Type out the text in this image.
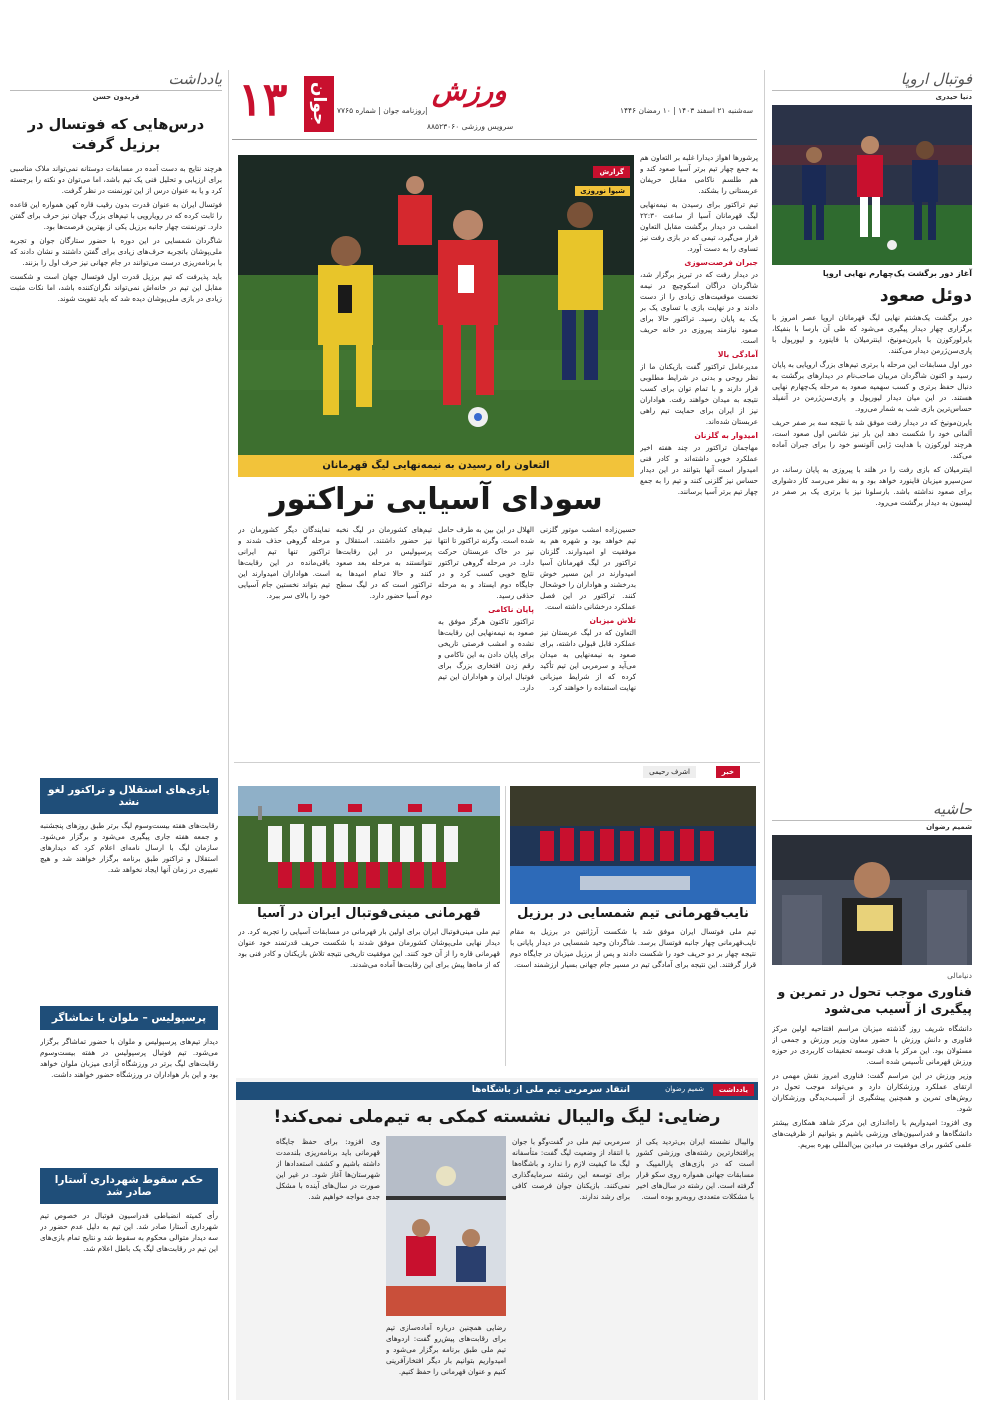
۱۳ جوان	|روزنامه جوان | شماره ۷۷۶۵
ورزش
سرویس ورزشی ۸۸۵۲۳۰۶۰
سه‌شنبه ۲۱ اسفند ۱۴۰۳ | ۱۰ رمضان ۱۴۴۶
فوتبال اروپا
دنیا حیدری
آغاز دور برگشت یک‌چهارم نهایی اروپا
دوئل صعود

دور برگشت یک‌هشتم نهایی لیگ قهرمانان اروپا عصر امروز با برگزاری چهار دیدار پیگیری می‌شود که طی آن بارسا با بنفیکا، بایرلورکوزن با بایرن‌مونیخ، اینترمیلان با فاینورد و لیورپول با پاری‌سن‌ژرمن دیدار می‌کنند.

دور اول مسابقات این مرحله با برتری تیم‌های بزرگ اروپایی به پایان رسید و اکنون شاگردان مربیان صاحب‌نام در دیدارهای برگشت به دنبال حفظ برتری و کسب سهمیه صعود به مرحله یک‌چهارم نهایی هستند. در این میان دیدار لیورپول و پاری‌سن‌ژرمن در آنفیلد حساس‌ترین بازی شب به شمار می‌رود.

بایرن‌مونیخ که در دیدار رفت موفق شد با نتیجه سه بر صفر حریف آلمانی خود را شکست دهد این بار نیز شانس اول صعود است، هرچند لورکوزن با هدایت ژابی آلونسو خود را برای جبران آماده می‌کند.

اینترمیلان که بازی رفت را در هلند با پیروزی به پایان رساند، در سن‌سیرو میزبان فاینورد خواهد بود و به نظر می‌رسد کار دشواری برای صعود نداشته باشد. بارسلونا نیز با برتری یک بر صفر در لیسبون به دیدار برگشت می‌رود.

حاشیه
شمیم رضوان
دنیامالی
فناوری موجب تحول در تمرین و پیگیری از آسیب می‌شود

دانشگاه شریف روز گذشته میزبان مراسم افتتاحیه اولین مرکز فناوری و دانش ورزش با حضور معاون وزیر ورزش و جمعی از مسئولان بود. این مرکز با هدف توسعه تحقیقات کاربردی در حوزه ورزش قهرمانی تأسیس شده است.

وزیر ورزش در این مراسم گفت: فناوری امروز نقش مهمی در ارتقای عملکرد ورزشکاران دارد و می‌تواند موجب تحول در روش‌های تمرین و همچنین پیشگیری از آسیب‌دیدگی ورزشکاران شود.

وی افزود: امیدواریم با راه‌اندازی این مرکز شاهد همکاری بیشتر دانشگاه‌ها و فدراسیون‌های ورزشی باشیم و بتوانیم از ظرفیت‌های علمی کشور برای موفقیت در میادین بین‌المللی بهره ببریم.

پرشورها اهواز دیدارا غلبه بر التعاون هم به جمع چهار تیم برتر آسیا صعود کند و هم طلسم ناکامی مقابل حریفان عربستانی را بشکند.

تیم تراکتور برای رسیدن به نیمه‌نهایی لیگ قهرمانان آسیا از ساعت ۲۲:۳۰ امشب در دیدار برگشت مقابل التعاون قرار می‌گیرد، تیمی که در بازی رفت نیز تساوی را به دست آورد.

جبران فرصت‌سوزی

در دیدار رفت که در تبریز برگزار شد، شاگردان دراگان اسکوچیچ در نیمه نخست موقعیت‌های زیادی را از دست دادند و در نهایت بازی با تساوی یک بر یک به پایان رسید. تراکتور حالا برای صعود نیازمند پیروزی در خانه حریف است.

آمادگی بالا

مدیرعامل تراکتور گفت بازیکنان ما از نظر روحی و بدنی در شرایط مطلوبی قرار دارند و با تمام توان برای کسب نتیجه به میدان خواهند رفت. هواداران نیز از ایران برای حمایت تیم راهی عربستان شده‌اند.

امیدوار به گلزنان

مهاجمان تراکتور در چند هفته اخیر عملکرد خوبی داشته‌اند و کادر فنی امیدوار است آنها بتوانند در این دیدار حساس نیز گلزنی کنند و تیم را به جمع چهار تیم برتر آسیا برسانند.

گزارش
شیوا نوروزی
التعاون راه رسیدن به نیمه‌نهایی لیگ قهرمانان
سودای آسیایی تراکتور

حسین‌زاده امشب موتور گلزنی تیم خواهد بود و شهره هم به موفقیت او امیدوارند. گلزنان تراکتور در لیگ قهرمانان آسیا امیدوارند در این مسیر خوش بدرخشند و هواداران را خوشحال کنند. تراکتور در این فصل عملکرد درخشانی داشته است.

تلاش میزبان

التعاون که در لیگ عربستان نیز عملکرد قابل قبولی داشته، برای صعود به نیمه‌نهایی به میدان می‌آید و سرمربی این تیم تأکید کرده که از شرایط میزبانی نهایت استفاده را خواهند کرد.

الهلال در این بین به طرف حامل شده است. وگرنه تراکتور تا انتها نیز در خاک عربستان حرکت دارد. در مرحله گروهی تراکتور نتایج خوبی کسب کرد و در جایگاه دوم ایستاد و به مرحله حذفی رسید.

پایان ناکامی

تراکتور تاکنون هرگز موفق به صعود به نیمه‌نهایی این رقابت‌ها نشده و امشب فرصتی تاریخی برای پایان دادن به این ناکامی و رقم زدن افتخاری بزرگ برای فوتبال ایران و هواداران این تیم دارد.

تیم‌های کشورمان در لیگ نخبه نیز حضور داشتند. استقلال و پرسپولیس در این رقابت‌ها نتوانستند به مرحله بعد صعود کنند و حالا تمام امیدها به تراکتور است که در لیگ سطح دوم آسیا حضور دارد.

نمایندگان دیگر کشورمان در مرحله گروهی حذف شدند و تراکتور تنها تیم ایرانی باقی‌مانده در این رقابت‌ها است. هواداران امیدوارند این تیم بتواند نخستین جام آسیایی خود را بالای سر ببرد.

خبر
اشرف رحیمی
نایب‌قهرمانی تیم شمسایی در برزیل
تیم ملی فوتسال ایران موفق شد با شکست آرژانتین در برزیل به مقام نایب‌قهرمانی چهار جانبه فوتسال برسد. شاگردان وحید شمسایی در دیدار پایانی با نتیجه چهار بر دو حریف خود را شکست دادند و پس از برزیل میزبان در جایگاه دوم قرار گرفتند. این نتیجه برای آمادگی تیم در مسیر جام جهانی بسیار ارزشمند است.
قهرمانی مینی‌فوتبال ایران در آسیا
تیم ملی مینی‌فوتبال ایران برای اولین بار قهرمانی در مسابقات آسیایی را تجربه کرد. در دیدار نهایی ملی‌پوشان کشورمان موفق شدند با شکست حریف قدرتمند خود عنوان قهرمانی قاره را از آن خود کنند. این موفقیت تاریخی نتیجه تلاش بازیکنان و کادر فنی بود که از ماه‌ها پیش برای این رقابت‌ها آماده می‌شدند.
انتقاد سرمربی تیم ملی از باشگاه‌ها	یادداشت
شمیم رضوان
رضایی: لیگ والیبال نشسته کمکی به تیم‌ملی نمی‌کند!
والیبال نشسته ایران بی‌تردید یکی از پرافتخارترین رشته‌های ورزشی کشور است که در بازی‌های پارالمپیک و مسابقات جهانی همواره روی سکو قرار گرفته است. این رشته در سال‌های اخیر با مشکلات متعددی روبه‌رو بوده است.
سرمربی تیم ملی در گفت‌وگو با جوان با انتقاد از وضعیت لیگ گفت: متأسفانه لیگ ما کیفیت لازم را ندارد و باشگاه‌ها برای توسعه این رشته سرمایه‌گذاری نمی‌کنند. بازیکنان جوان فرصت کافی برای رشد ندارند.
وی افزود: برای حفظ جایگاه قهرمانی باید برنامه‌ریزی بلندمدت داشته باشیم و کشف استعدادها از شهرستان‌ها آغاز شود. در غیر این صورت در سال‌های آینده با مشکل جدی مواجه خواهیم شد.
رضایی همچنین درباره آماده‌سازی تیم برای رقابت‌های پیش‌رو گفت: اردوهای تیم ملی طبق برنامه برگزار می‌شود و امیدواریم بتوانیم بار دیگر افتخارآفرینی کنیم و عنوان قهرمانی را حفظ کنیم.
یادداشت
فریدون حسن
درس‌هایی که فوتسال در برزیل گرفت

هرچند نتایج به دست آمده در مسابقات دوستانه نمی‌تواند ملاک مناسبی برای ارزیابی و تحلیل فنی یک تیم باشد، اما می‌توان دو نکته را برجسته کرد و یا به عنوان درس از این تورنمنت در نظر گرفت.

فوتسال ایران به عنوان قدرت بدون رقیب قاره کهن همواره این قاعده را ثابت کرده که در رویارویی با تیم‌های بزرگ جهان نیز حرف برای گفتن دارد. تورنمنت چهار جانبه برزیل یکی از بهترین فرصت‌ها بود.

شاگردان شمسایی در این دوره با حضور ستارگان جوان و تجربه ملی‌پوشان باتجربه حرف‌های زیادی برای گفتن داشتند و نشان دادند که با برنامه‌ریزی درست می‌توانند در جام جهانی نیز حرف اول را بزنند.

باید پذیرفت که تیم برزیل قدرت اول فوتسال جهان است و شکست مقابل این تیم در خانه‌اش نمی‌تواند نگران‌کننده باشد، اما نکات مثبت زیادی در بازی ملی‌پوشان دیده شد که باید تقویت شوند.

بازی‌های استقلال و تراکتور لغو نشد
رقابت‌های هفته بیست‌وسوم لیگ برتر طبق روزهای پنجشنبه و جمعه هفته جاری پیگیری می‌شود و برگزار می‌شود. سازمان لیگ با ارسال نامه‌ای اعلام کرد که دیدارهای استقلال و تراکتور طبق برنامه برگزار خواهند شد و هیچ تغییری در زمان آنها ایجاد نخواهد شد.
پرسپولیس – ملوان با تماشاگر
دیدار تیم‌های پرسپولیس و ملوان با حضور تماشاگر برگزار می‌شود. تیم فوتبال پرسپولیس در هفته بیست‌وسوم رقابت‌های لیگ برتر در ورزشگاه آزادی میزبان ملوان خواهد بود و این بار هواداران در ورزشگاه حضور خواهند داشت.
حکم سقوط شهرداری آستارا صادر شد
رأی کمیته انضباطی فدراسیون فوتبال در خصوص تیم شهرداری آستارا صادر شد. این تیم به دلیل عدم حضور در سه دیدار متوالی محکوم به سقوط شد و نتایج تمام بازی‌های این تیم در رقابت‌های لیگ یک باطل اعلام شد.
